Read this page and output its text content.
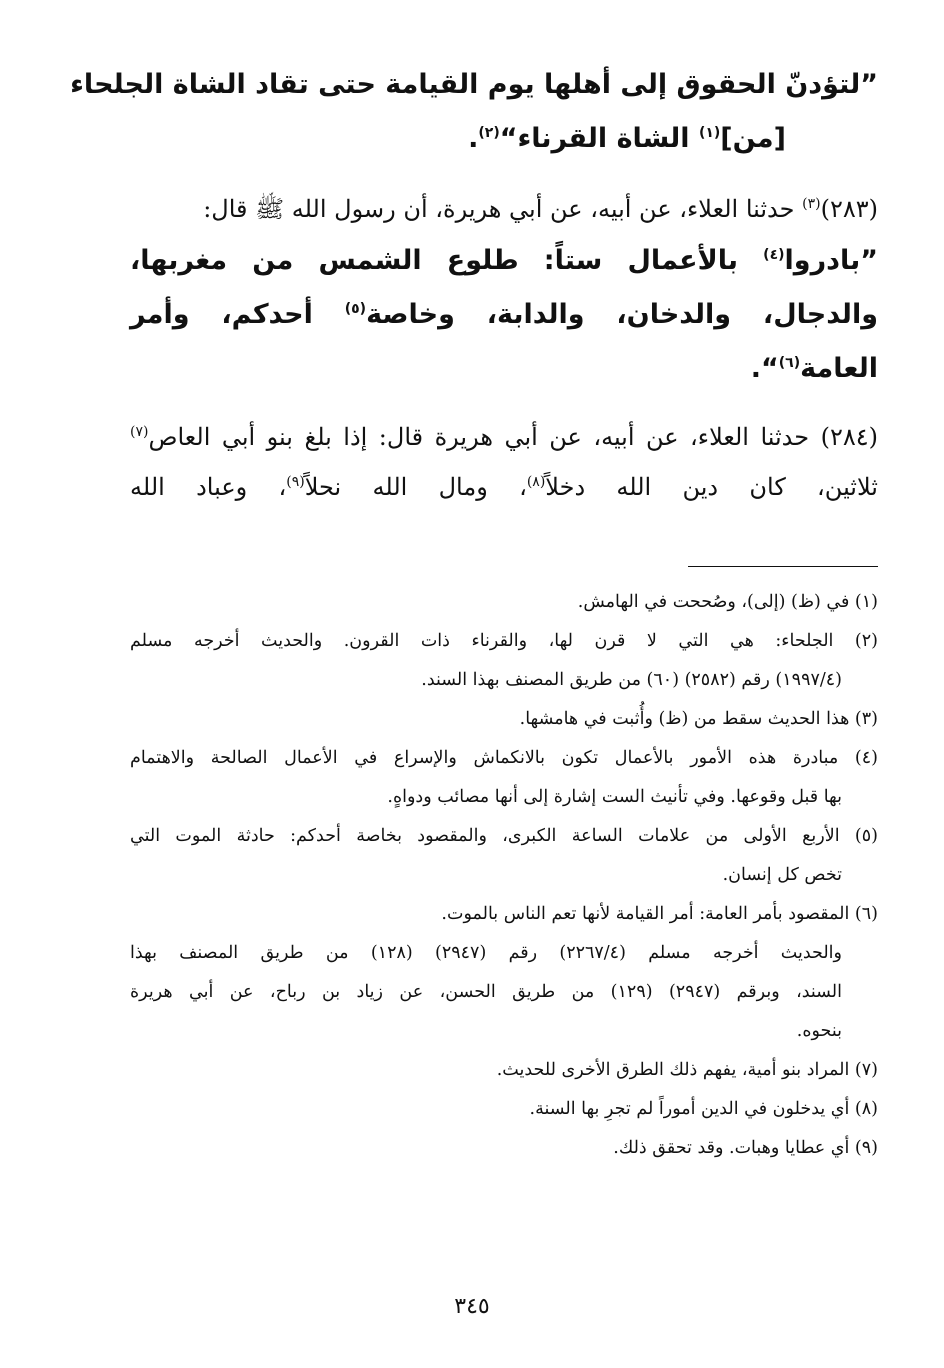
”لتؤدنّ الحقوق إلى أهلها يوم القيامة حتى تقاد الشاة الجلحاء
[من]$^{(١)}$ الشاة القرناء“$^{(٢)}$.
(٢٨٣)$^{(٣)}$ حدثنا العلاء، عن أبيه، عن أبي هريرة، أن رسول الله ﷺ قال:
”بادروا$^{(٤)}$ بالأعمال ستاً: طلوع الشمس من مغربها،
والدجال، والدخان، والدابة، وخاصة$^{(٥)}$ أحدكم، وأمر
العامة$^{(٦)}$“.
(٢٨٤) حدثنا العلاء، عن أبيه، عن أبي هريرة قال: إذا بلغ بنو أبي العاص$^{(٧)}$
ثلاثين، كان دين الله دخلاً$^{(٨)}$، ومال الله نحلاً$^{(٩)}$، وعباد الله
(١) في (ظ) (إلى)، وصُححت في الهامش.
(٢) الجلحاء: هي التي لا قرن لها، والقرناء ذات القرون. والحديث أخرجه مسلم
(١٩٩٧/٤) رقم (٢٥٨٢) (٦٠) من طريق المصنف بهذا السند.
(٣) هذا الحديث سقط من (ظ) وأُثبت في هامشها.
(٤) مبادرة هذه الأمور بالأعمال تكون بالانكماش والإسراع في الأعمال الصالحة والاهتمام
بها قبل وقوعها. وفي تأنيث الست إشارة إلى أنها مصائب ودواهٍ.
(٥) الأربع الأولى من علامات الساعة الكبرى، والمقصود بخاصة أحدكم: حادثة الموت التي
تخص كل إنسان.
(٦) المقصود بأمر العامة: أمر القيامة لأنها تعم الناس بالموت.
والحديث أخرجه مسلم (٢٢٦٧/٤) رقم (٢٩٤٧) (١٢٨) من طريق المصنف بهذا
السند، وبرقم (٢٩٤٧) (١٢٩) من طريق الحسن، عن زياد بن رباح، عن أبي هريرة
بنحوه.
(٧) المراد بنو أمية، يفهم ذلك الطرق الأخرى للحديث.
(٨) أي يدخلون في الدين أموراً لم تجرِ بها السنة.
(٩) أي عطايا وهبات. وقد تحقق ذلك.
٣٤٥
